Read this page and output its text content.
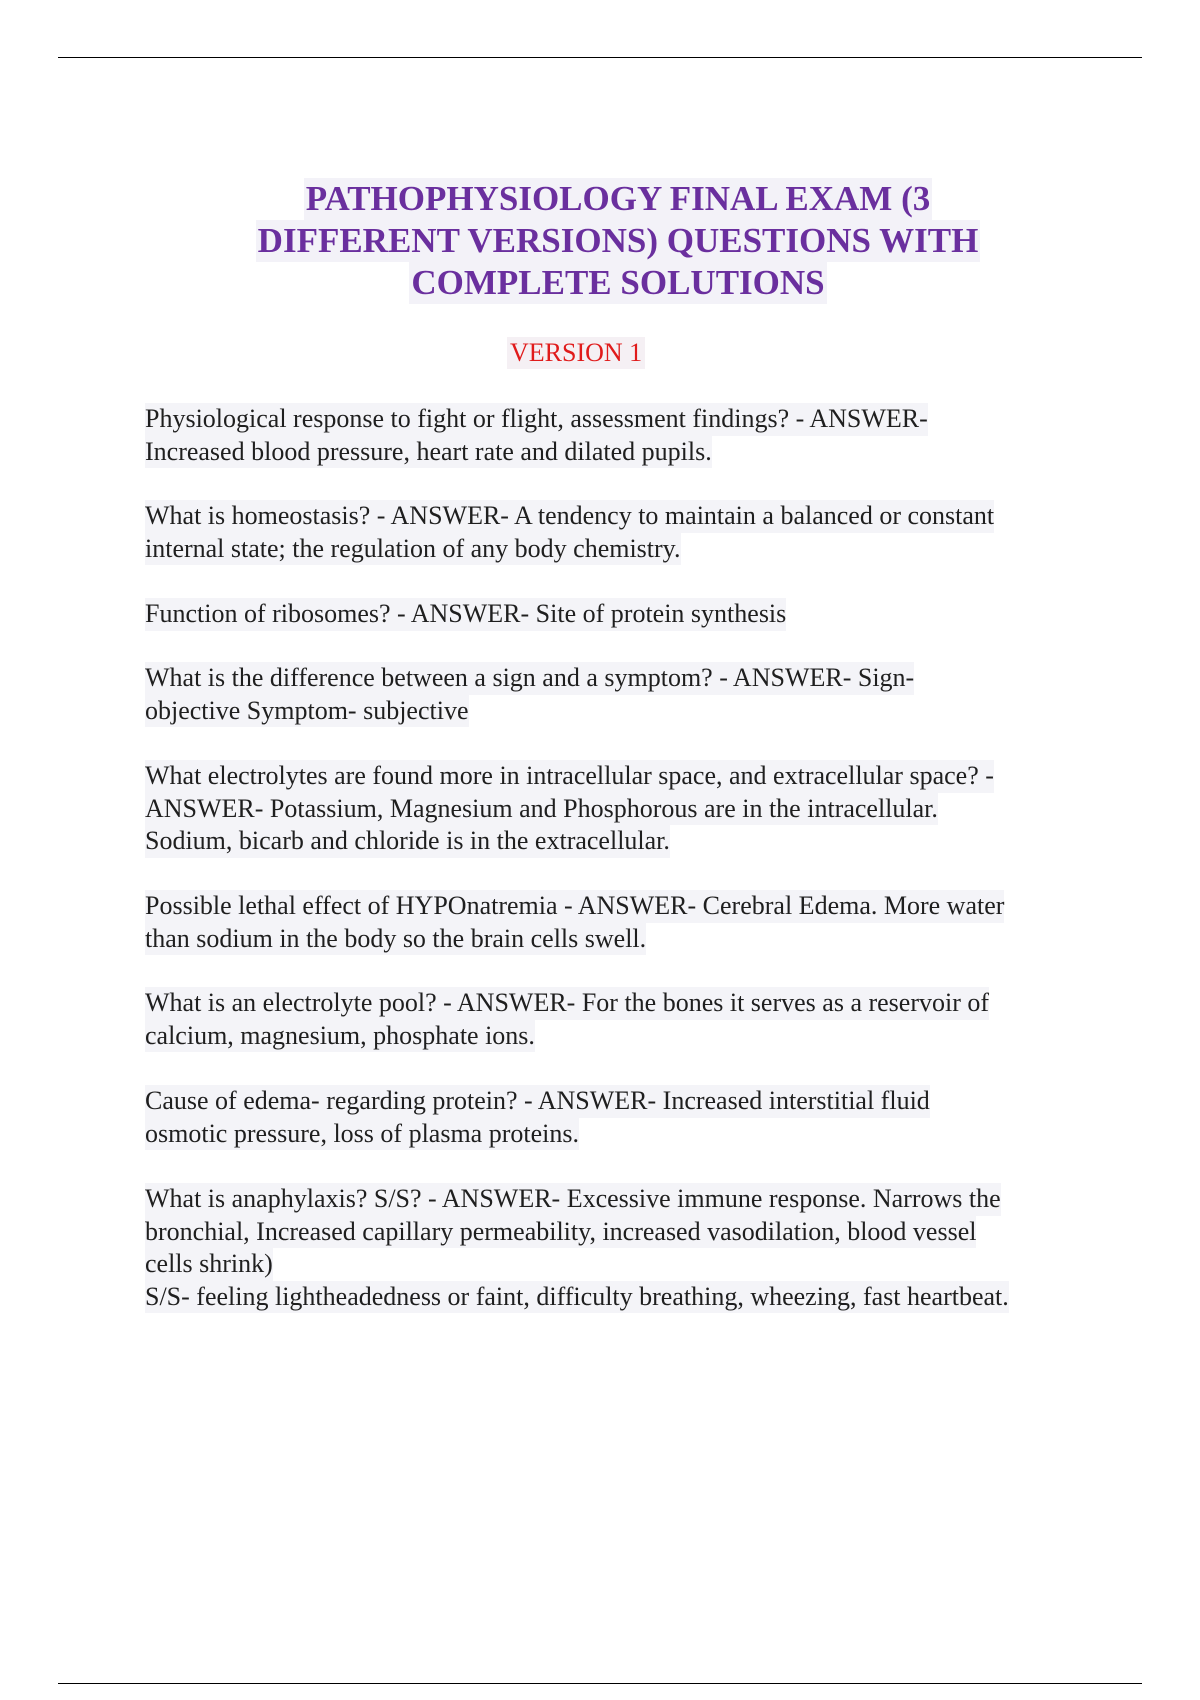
PATHOPHYSIOLOGY FINAL EXAM (3
DIFFERENT VERSIONS) QUESTIONS WITH
COMPLETE SOLUTIONS

VERSION 1

Physiological response to fight or flight, assessment findings? - ANSWER-
Increased blood pressure, heart rate and dilated pupils.

What is homeostasis? - ANSWER- A tendency to maintain a balanced or constant
internal state; the regulation of any body chemistry.

Function of ribosomes? - ANSWER- Site of protein synthesis

What is the difference between a sign and a symptom? - ANSWER- Sign-
objective Symptom- subjective

What electrolytes are found more in intracellular space, and extracellular space? -
ANSWER- Potassium, Magnesium and Phosphorous are in the intracellular.
Sodium, bicarb and chloride is in the extracellular.

Possible lethal effect of HYPOnatremia - ANSWER- Cerebral Edema. More water
than sodium in the body so the brain cells swell.

What is an electrolyte pool? - ANSWER- For the bones it serves as a reservoir of
calcium, magnesium, phosphate ions.

Cause of edema- regarding protein? - ANSWER- Increased interstitial fluid
osmotic pressure, loss of plasma proteins.

What is anaphylaxis? S/S? - ANSWER- Excessive immune response. Narrows the
bronchial, Increased capillary permeability, increased vasodilation, blood vessel
cells shrink)
S/S- feeling lightheadedness or faint, difficulty breathing, wheezing, fast heartbeat.
